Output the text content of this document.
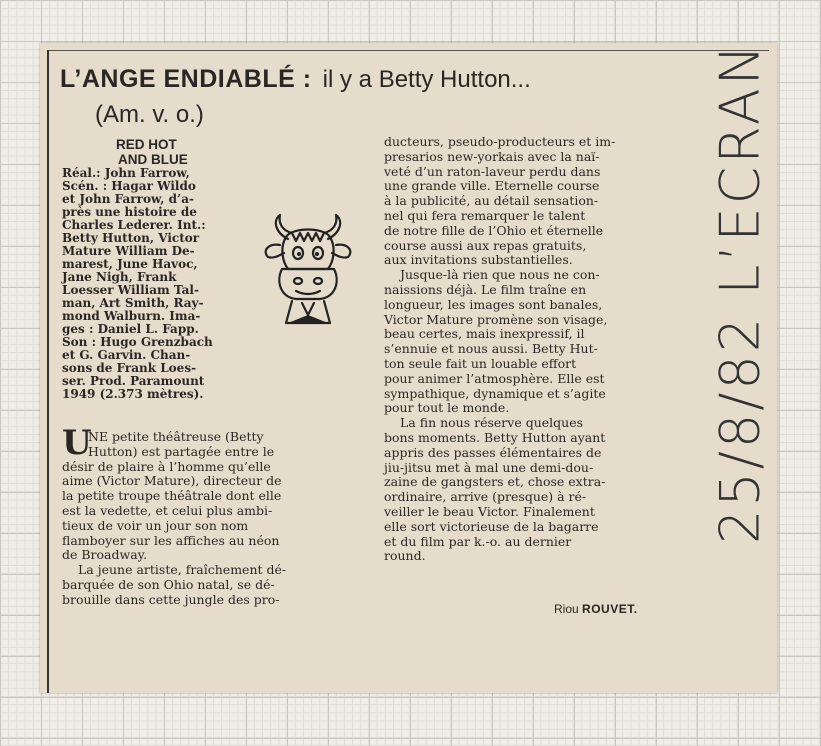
L’ANGE ENDIABLÉ : il y a Betty Hutton...
(Am. v. o.)
RED HOT
AND BLUE
Réal.: John Farrow,
Scén. : Hagar Wildo
et John Farrow, d’a-
près une histoire de
Charles Lederer. Int.:
Betty Hutton, Victor
Mature William De-
marest, June Havoc,
Jane Nigh, Frank
Loesser William Tal-
man, Art Smith, Ray-
mond Walburn. Ima-
ges : Daniel L. Fapp.
Son : Hugo Grenzbach
et G. Garvin. Chan-
sons de Frank Loes-
ser. Prod. Paramount
1949 (2.373 mètres).
U
NE petite théâtreuse (Betty
Hutton) est partagée entre le
désir de plaire à l’homme qu’elle
aime (Victor Mature), directeur de
la petite troupe théâtrale dont elle
est la vedette, et celui plus ambi-
tieux de voir un jour son nom
flamboyer sur les affiches au néon
de Broadway.
La jeune artiste, fraîchement dé-
barquée de son Ohio natal, se dé-
brouille dans cette jungle des pro-
ducteurs, pseudo-producteurs et im-
presarios new-yorkais avec la naï-
veté d’un raton-laveur perdu dans
une grande ville. Eternelle course
à la publicité, au détail sensation-
nel qui fera remarquer le talent
de notre fille de l’Ohio et éternelle
course aussi aux repas gratuits,
aux invitations substantielles.
Jusque-là rien que nous ne con-
naissions déjà. Le film traîne en
longueur, les images sont banales,
Victor Mature promène son visage,
beau certes, mais inexpressif, il
s’ennuie et nous aussi. Betty Hut-
ton seule fait un louable effort
pour animer l’atmosphère. Elle est
sympathique, dynamique et s’agite
pour tout le monde.
La fin nous réserve quelques
bons moments. Betty Hutton ayant
appris des passes élémentaires de
jiu-jitsu met à mal une demi-dou-
zaine de gangsters et, chose extra-
ordinaire, arrive (presque) à ré-
veiller le beau Victor. Finalement
elle sort victorieuse de la bagarre
et du film par k.-o. au dernier
round.
Riou ROUVET.
25/8/82 L’ECRAN
